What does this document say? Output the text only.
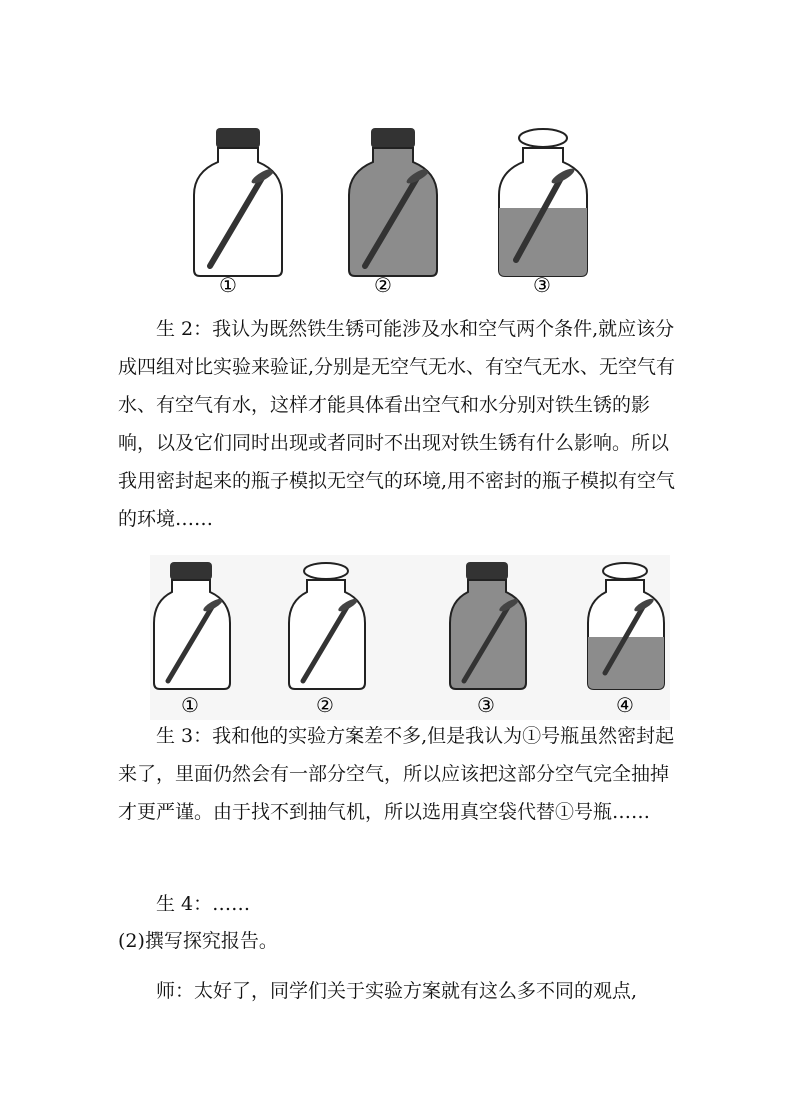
①	②	③

生 2：我认为既然铁生锈可能涉及水和空气两个条件,就应该分成四组对比实验来验证,分别是无空气无水、有空气无水、无空气有水、有空气有水，这样才能具体看出空气和水分别对铁生锈的影响，以及它们同时出现或者同时不出现对铁生锈有什么影响。所以我用密封起来的瓶子模拟无空气的环境,用不密封的瓶子模拟有空气的环境……

①	②	③	④

生 3：我和他的实验方案差不多,但是我认为①号瓶虽然密封起来了，里面仍然会有一部分空气，所以应该把这部分空气完全抽掉才更严谨。由于找不到抽气机，所以选用真空袋代替①号瓶……

生 4：……

(2)撰写探究报告。

师：太好了，同学们关于实验方案就有这么多不同的观点,
